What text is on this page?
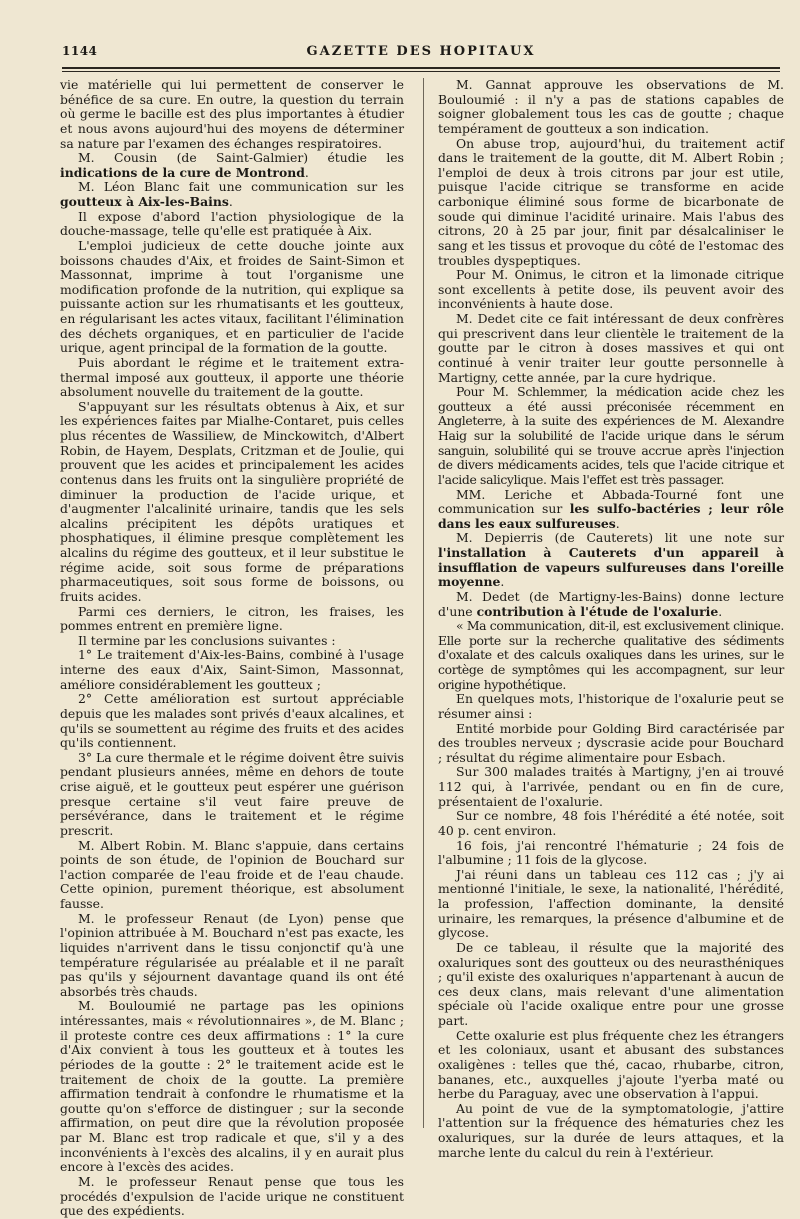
1144	GAZETTE DES HOPITAUX

vie matérielle qui lui permettent de conserver le bénéfice de sa cure. En outre, la question du terrain où germe le bacille est des plus importantes à étudier et nous avons aujourd'hui des moyens de déterminer sa nature par l'examen des échanges respiratoires.

M. Cousin (de Saint-Galmier) étudie les indications de la cure de Montrond.

M. Léon Blanc fait une communication sur les goutteux à Aix-les-Bains.

Il expose d'abord l'action physiologique de la douche-massage, telle qu'elle est pratiquée à Aix.

L'emploi judicieux de cette douche jointe aux boissons chaudes d'Aix, et froides de Saint-Simon et Massonnat, imprime à tout l'organisme une modification profonde de la nutrition, qui explique sa puissante action sur les rhumatisants et les goutteux, en régularisant les actes vitaux, facilitant l'élimination des déchets organiques, et en particulier de l'acide urique, agent principal de la formation de la goutte.

Puis abordant le régime et le traitement extra-thermal imposé aux goutteux, il apporte une théorie absolument nouvelle du traitement de la goutte.

S'appuyant sur les résultats obtenus à Aix, et sur les expériences faites par Mialhe-Contaret, puis celles plus récentes de Wassiliew, de Minckowitch, d'Albert Robin, de Hayem, Desplats, Critzman et de Joulie, qui prouvent que les acides et principalement les acides contenus dans les fruits ont la singulière propriété de diminuer la production de l'acide urique, et d'augmenter l'alcalinité urinaire, tandis que les sels alcalins précipitent les dépôts uratiques et phosphatiques, il élimine presque complètement les alcalins du régime des goutteux, et il leur substitue le régime acide, soit sous forme de préparations pharmaceutiques, soit sous forme de boissons, ou fruits acides.

Parmi ces derniers, le citron, les fraises, les pommes entrent en première ligne.

Il termine par les conclusions suivantes :

1° Le traitement d'Aix-les-Bains, combiné à l'usage interne des eaux d'Aix, Saint-Simon, Massonnat, améliore considérablement les goutteux ;

2° Cette amélioration est surtout appréciable depuis que les malades sont privés d'eaux alcalines, et qu'ils se soumettent au régime des fruits et des acides qu'ils contiennent.

3° La cure thermale et le régime doivent être suivis pendant plusieurs années, même en dehors de toute crise aiguë, et le goutteux peut espérer une guérison presque certaine s'il veut faire preuve de persévérance, dans le traitement et le régime prescrit.

M. Albert Robin. M. Blanc s'appuie, dans certains points de son étude, de l'opinion de Bouchard sur l'action comparée de l'eau froide et de l'eau chaude. Cette opinion, purement théorique, est absolument fausse.

M. le professeur Renaut (de Lyon) pense que l'opinion attribuée à M. Bouchard n'est pas exacte, les liquides n'arrivent dans le tissu conjonctif qu'à une température régularisée au préalable et il ne paraît pas qu'ils y séjournent davantage quand ils ont été absorbés très chauds.

M. Bouloumié ne partage pas les opinions intéressantes, mais « révolutionnaires », de M. Blanc ; il proteste contre ces deux affirmations : 1° la cure d'Aix convient à tous les goutteux et à toutes les périodes de la goutte : 2° le traitement acide est le traitement de choix de la goutte. La première affirmation tendrait à confondre le rhumatisme et la goutte qu'on s'efforce de distinguer ; sur la seconde affirmation, on peut dire que la révolution proposée par M. Blanc est trop radicale et que, s'il y a des inconvénients à l'excès des alcalins, il y en aurait plus encore à l'excès des acides.

M. le professeur Renaut pense que tous les procédés d'expulsion de l'acide urique ne constituent que des expédients.

M. Gannat approuve les observations de M. Bouloumié : il n'y a pas de stations capables de soigner globalement tous les cas de goutte ; chaque tempérament de goutteux a son indication.

On abuse trop, aujourd'hui, du traitement actif dans le traitement de la goutte, dit M. Albert Robin ; l'emploi de deux à trois citrons par jour est utile, puisque l'acide citrique se transforme en acide carbonique éliminé sous forme de bicarbonate de soude qui diminue l'acidité urinaire. Mais l'abus des citrons, 20 à 25 par jour, finit par désalcaliniser le sang et les tissus et provoque du côté de l'estomac des troubles dyspeptiques.

Pour M. Onimus, le citron et la limonade citrique sont excellents à petite dose, ils peuvent avoir des inconvénients à haute dose.

M. Dedet cite ce fait intéressant de deux confrères qui prescrivent dans leur clientèle le traitement de la goutte par le citron à doses massives et qui ont continué à venir traiter leur goutte personnelle à Martigny, cette année, par la cure hydrique.

Pour M. Schlemmer, la médication acide chez les goutteux a été aussi préconisée récemment en Angleterre, à la suite des expériences de M. Alexandre Haig sur la solubilité de l'acide urique dans le sérum sanguin, solubilité qui se trouve accrue après l'injection de divers médicaments acides, tels que l'acide citrique et l'acide salicylique. Mais l'effet est très passager.

MM. Leriche et Abbada-Tourné font une communication sur les sulfo-bactéries ; leur rôle dans les eaux sulfureuses.

M. Depierris (de Cauterets) lit une note sur l'installation à Cauterets d'un appareil à insufflation de vapeurs sulfureuses dans l'oreille moyenne.

M. Dedet (de Martigny-les-Bains) donne lecture d'une contribution à l'étude de l'oxalurie.

« Ma communication, dit-il, est exclusivement clinique. Elle porte sur la recherche qualitative des sédiments d'oxalate et des calculs oxaliques dans les urines, sur le cortège de symptômes qui les accompagnent, sur leur origine hypothétique.

En quelques mots, l'historique de l'oxalurie peut se résumer ainsi :

Entité morbide pour Golding Bird caractérisée par des troubles nerveux ; dyscrasie acide pour Bouchard ; résultat du régime alimentaire pour Esbach.

Sur 300 malades traités à Martigny, j'en ai trouvé 112 qui, à l'arrivée, pendant ou en fin de cure, présentaient de l'oxalurie.

Sur ce nombre, 48 fois l'hérédité a été notée, soit 40 p. cent environ.

16 fois, j'ai rencontré l'hématurie ; 24 fois de l'albumine ; 11 fois de la glycose.

J'ai réuni dans un tableau ces 112 cas ; j'y ai mentionné l'initiale, le sexe, la nationalité, l'hérédité, la profession, l'affection dominante, la densité urinaire, les remarques, la présence d'albumine et de glycose.

De ce tableau, il résulte que la majorité des oxaluriques sont des goutteux ou des neurasthéniques ; qu'il existe des oxaluriques n'appartenant à aucun de ces deux clans, mais relevant d'une alimentation spéciale où l'acide oxalique entre pour une grosse part.

Cette oxalurie est plus fréquente chez les étrangers et les coloniaux, usant et abusant des substances oxaligènes : telles que thé, cacao, rhubarbe, citron, bananes, etc., auxquelles j'ajoute l'yerba maté ou herbe du Paraguay, avec une observation à l'appui.

Au point de vue de la symptomatologie, j'attire l'attention sur la fréquence des hématuries chez les oxaluriques, sur la durée de leurs attaques, et la marche lente du calcul du rein à l'extérieur.
